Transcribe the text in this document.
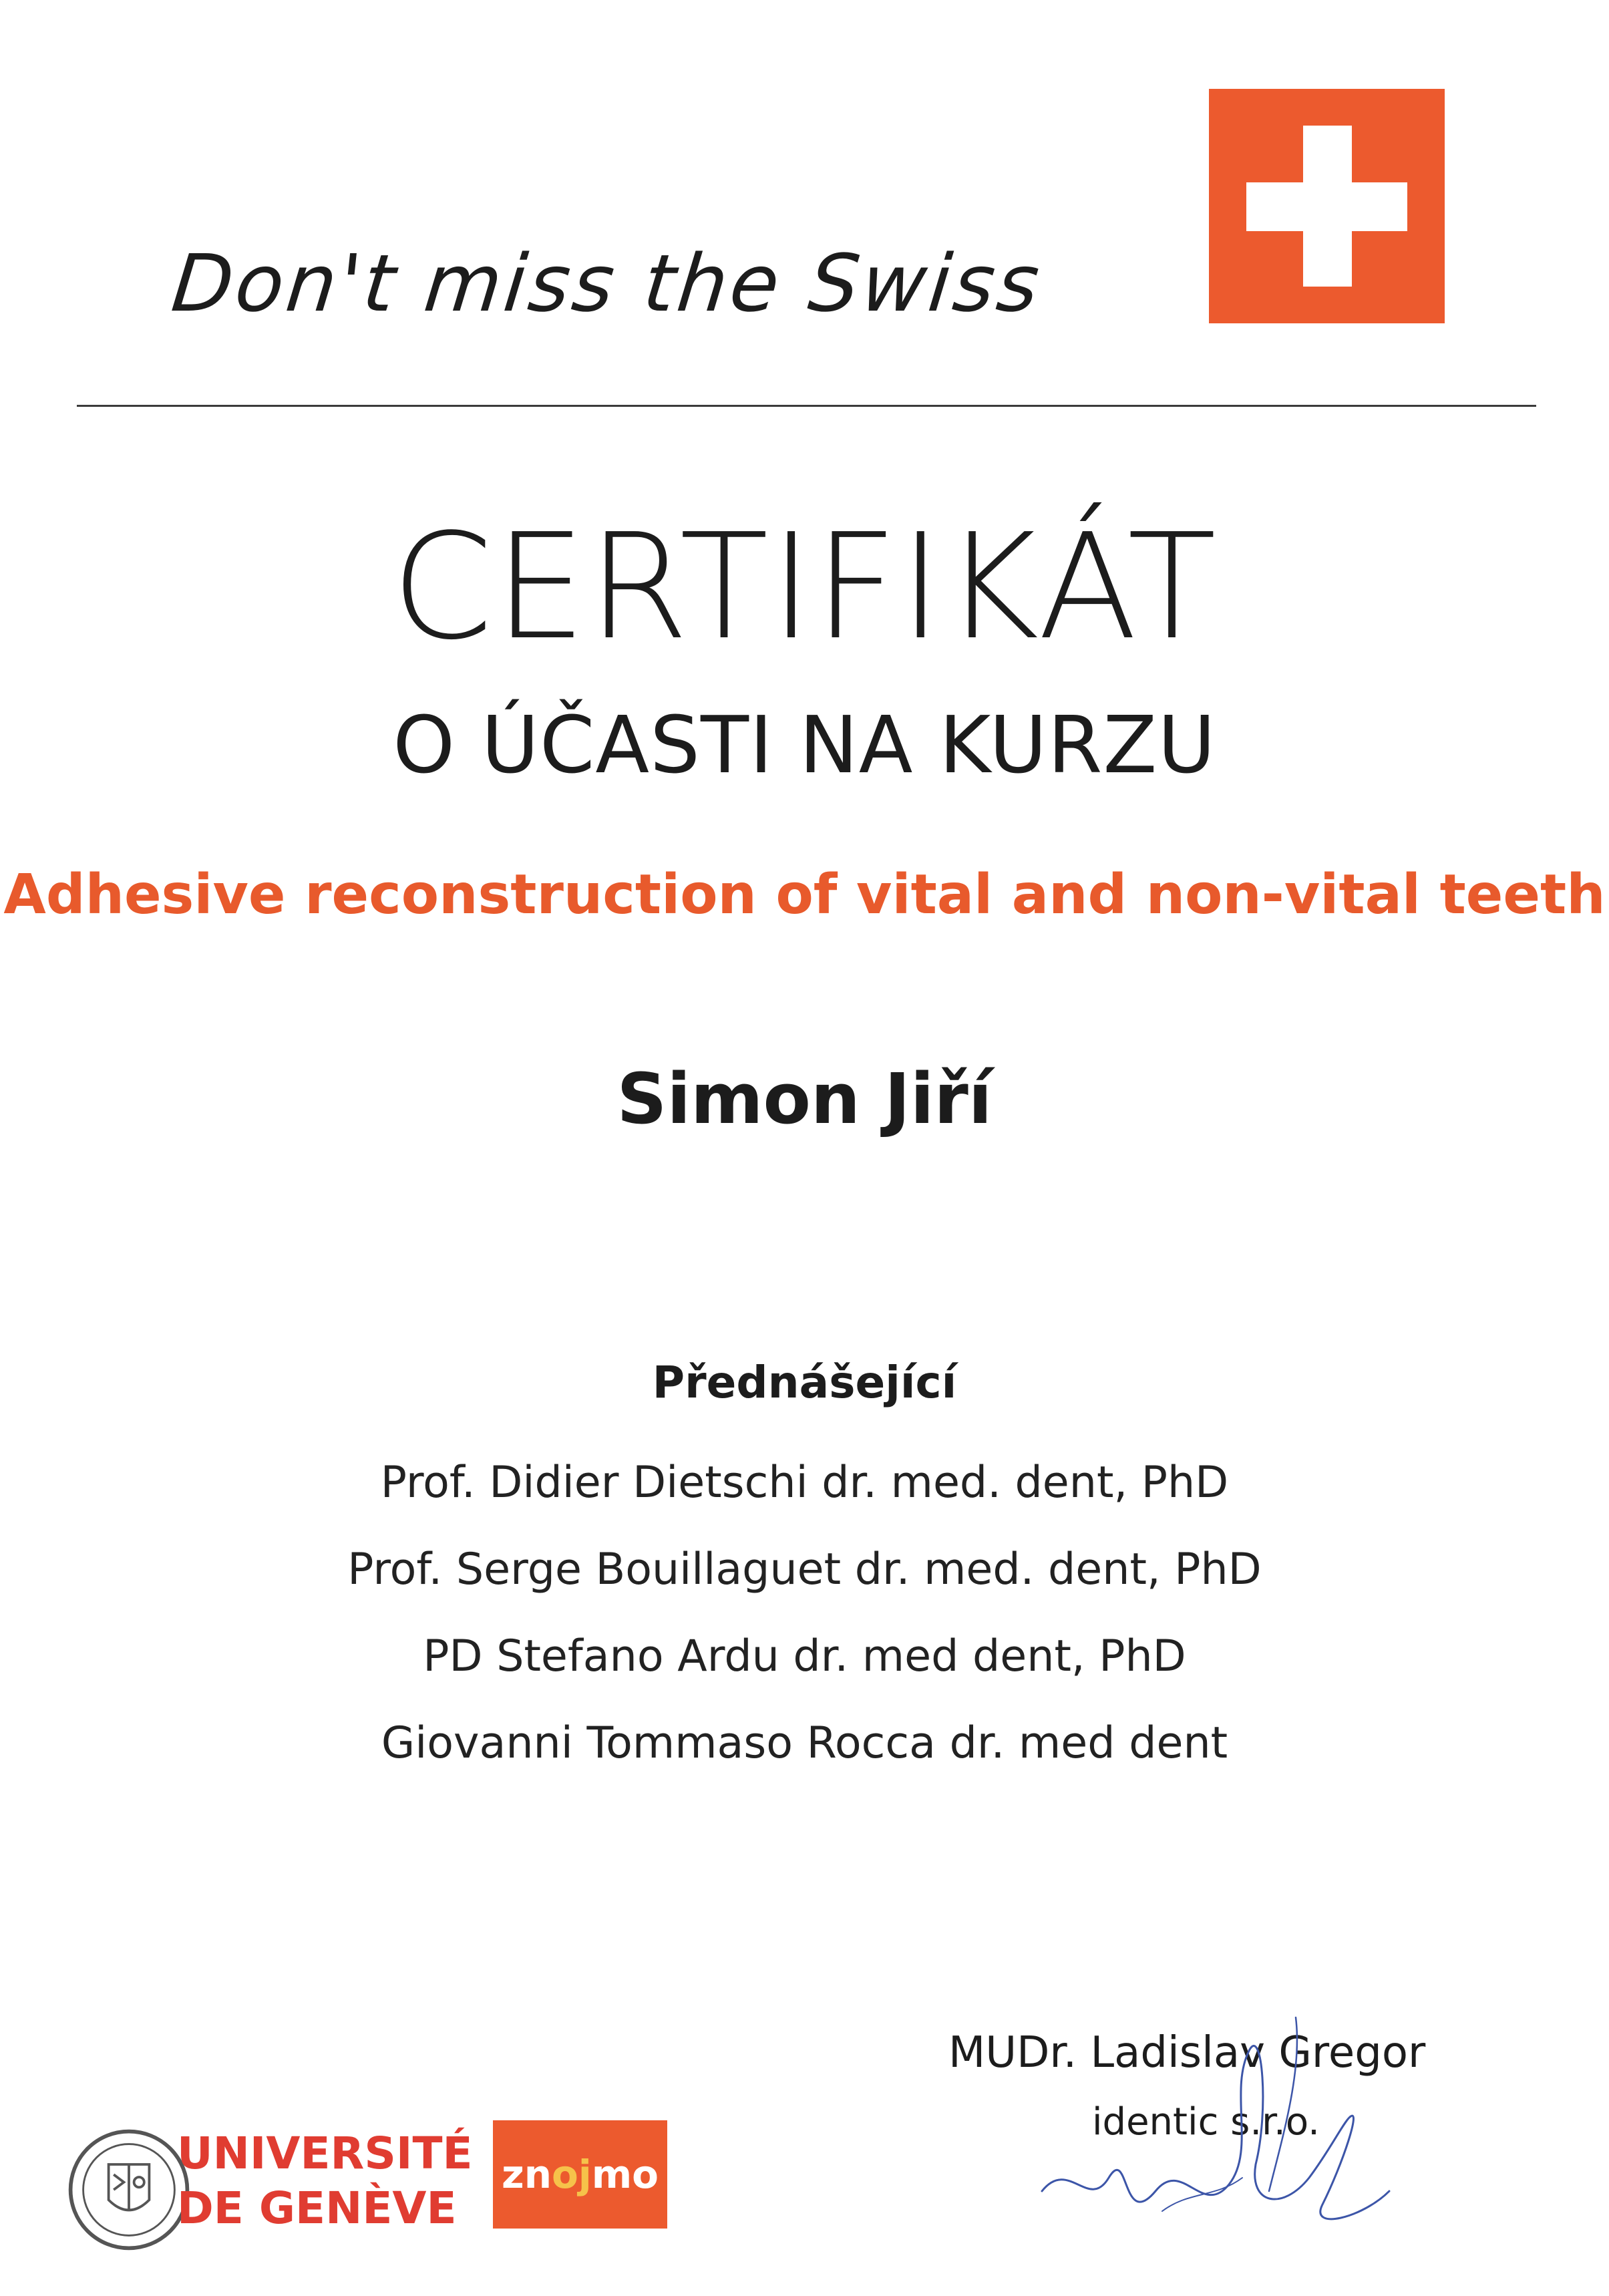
Don't miss the Swiss
CERTIFIKÁT
O ÚČASTI NA KURZU
Adhesive reconstruction of vital and non-vital teeth
Simon Jiří
Přednášející
Prof. Didier Dietschi dr. med. dent, PhD
Prof. Serge Bouillaguet dr. med. dent, PhD
PD Stefano Ardu dr. med dent, PhD
Giovanni Tommaso Rocca dr. med dent
UNIVERSITÉ
DE GENÈVE
znojmo
MUDr. Ladislav Gregor
identic s.r.o.
